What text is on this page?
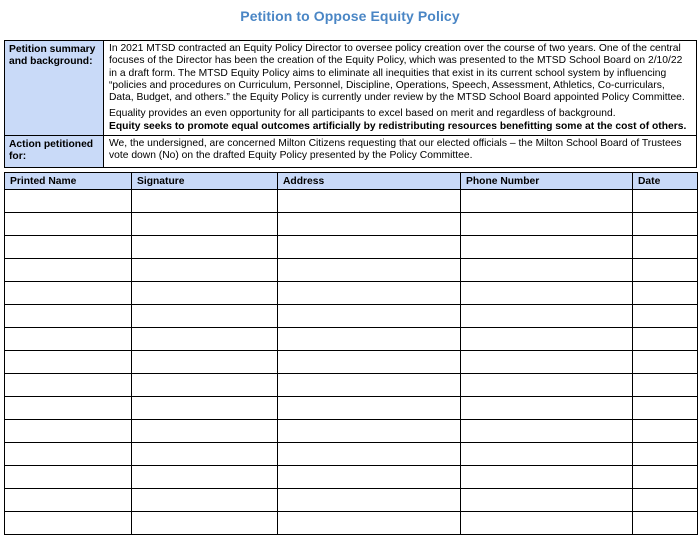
Petition to Oppose Equity Policy
Petition summary and background:	In 2021 MTSD contracted an Equity Policy Director to oversee policy creation over the course of two years. One of the central focuses of the Director has been the creation of the Equity Policy, which was presented to the MTSD School Board on 2/10/22 in a draft form. The MTSD Equity Policy aims to eliminate all inequities that exist in its current school system by influencing “policies and procedures on Curriculum, Personnel, Discipline, Operations, Speech, Assessment, Athletics, Co-curriculars, Data, Budget, and others.” the Equity Policy is currently under review by the MTSD School Board appointed Policy Committee.

Equality provides an even opportunity for all participants to excel based on merit and regardless of background.

Equity seeks to promote equal outcomes artificially by redistributing resources benefitting some at the cost of others.

Action petitioned for:	We, the undersigned, are concerned Milton Citizens requesting that our elected officials – the Milton School Board of Trustees vote down (No) on the drafted Equity Policy presented by the Policy Committee.
Printed Name	Signature	Address	Phone Number	Date
